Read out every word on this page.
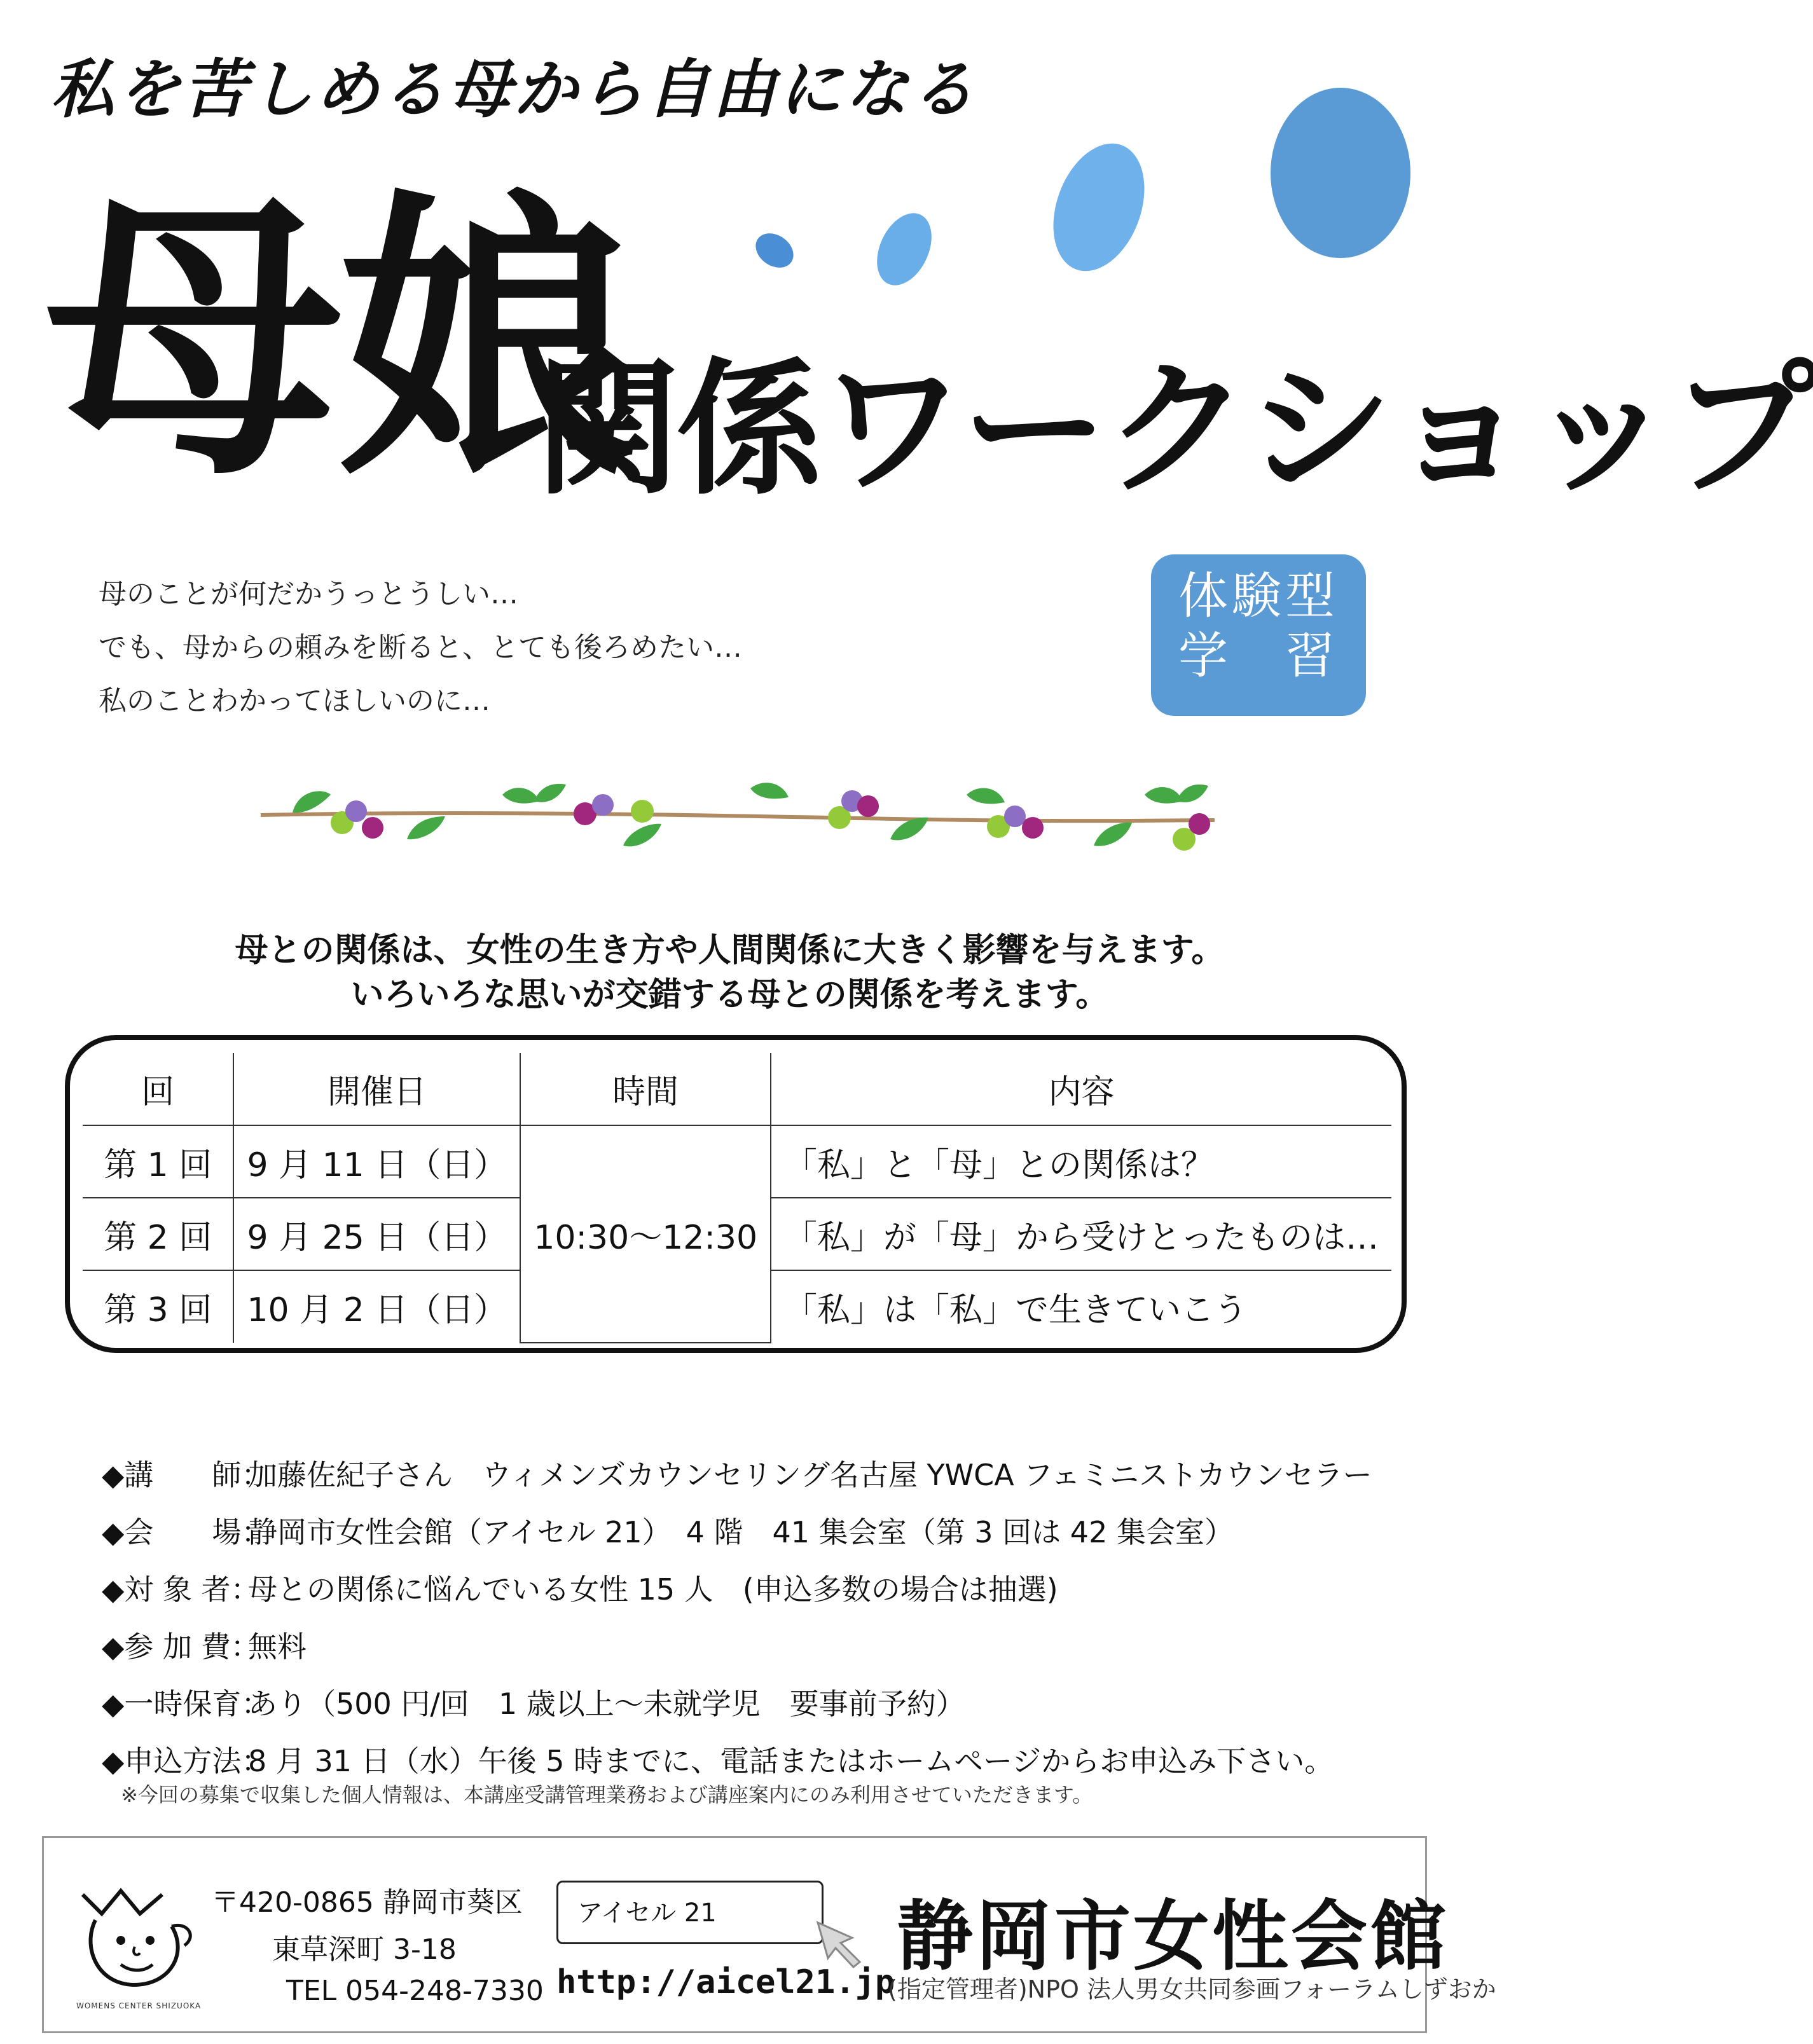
私を苦しめる母から自由になる
母娘
関係ワークショップ
母のことが何だかうっとうしい…
でも、母からの頼みを断ると、とても後ろめたい…
私のことわかってほしいのに…
体験型
学　習
母との関係は、女性の生き方や人間関係に大きく影響を与えます。
いろいろな思いが交錯する母との関係を考えます。
回	開催日	時間	内容
第 1 回	9 月 11 日（日）	10:30～12:30	「私」と「母」との関係は？
第 2 回	9 月 25 日（日）		「私」が「母」から受けとったものは…
第 3 回	10 月 2 日（日）		「私」は「私」で生きていこう
◆講　　師：加藤佐紀子さん　ウィメンズカウンセリング名古屋 YWCA フェミニストカウンセラー
◆会　　場：静岡市女性会館（アイセル 21）　4 階　41 集会室（第 3 回は 42 集会室）
◆対 象 者：母との関係に悩んでいる女性 15 人　(申込多数の場合は抽選)
◆参 加 費：無料
◆一時保育：あり（500 円/回　1 歳以上～未就学児　要事前予約）
◆申込方法：8 月 31 日（水）午後 5 時までに、電話またはホームページからお申込み下さい。
※今回の募集で収集した個人情報は、本講座受講管理業務および講座案内にのみ利用させていただきます。
WOMENS CENTER SHIZUOKA
〒420-0865 静岡市葵区
東草深町 3-18
TEL 054-248-7330
アイセル 21
http://aicel21.jp
静岡市女性会館
(指定管理者)NPO 法人男女共同参画フォーラムしずおか
